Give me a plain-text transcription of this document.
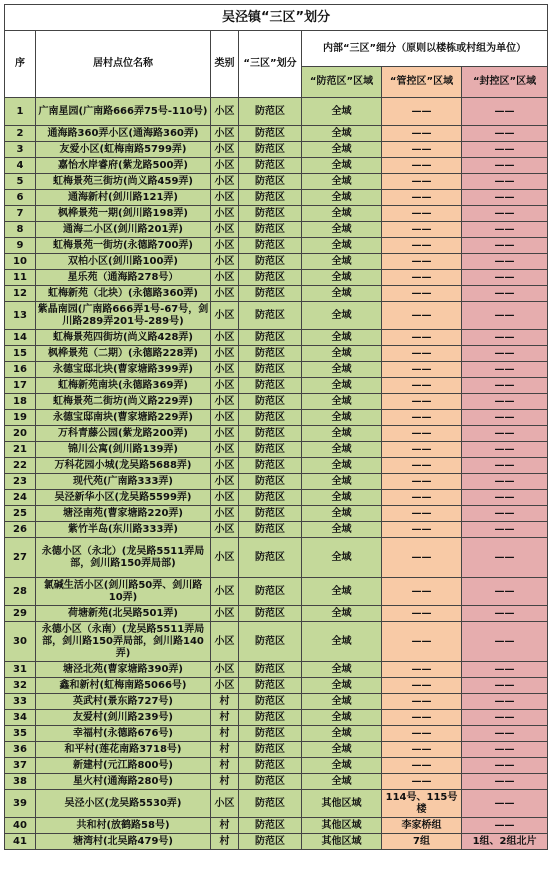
吴泾镇“三区”划分						
序	居村点位名称	类别	“三区”划分	内部“三区”细分（原则以楼栋或村组为单位）		
				“防范区”区域	“管控区”区域	“封控区”区域
1	广南星园(广南路666弄75号-110号)	小区	防范区	全域	——	——
2	通海路360弄小区(通海路360弄)	小区	防范区	全域	——	——
3	友爱小区(虹梅南路5799弄)	小区	防范区	全域	——	——
4	嘉怡水岸睿府(紫龙路500弄)	小区	防范区	全域	——	——
5	虹梅景苑三街坊(尚义路459弄)	小区	防范区	全域	——	——
6	通海新村(剑川路121弄)	小区	防范区	全域	——	——
7	枫桦景苑一期(剑川路198弄)	小区	防范区	全域	——	——
8	通海二小区(剑川路201弄)	小区	防范区	全域	——	——
9	虹梅景苑一街坊(永德路700弄)	小区	防范区	全域	——	——
10	双柏小区(剑川路100弄)	小区	防范区	全域	——	——
11	星乐苑（通海路278号）	小区	防范区	全域	——	——
12	虹梅新苑（北块）(永德路360弄)	小区	防范区	全域	——	——
13	紫晶南园(广南路666弄1号-67号，剑川路289弄201号-289号)	小区	防范区	全域	——	——
14	虹梅景苑四街坊(尚义路428弄)	小区	防范区	全域	——	——
15	枫桦景苑（二期）(永德路228弄)	小区	防范区	全域	——	——
16	永德宝邸北块(曹家塘路399弄)	小区	防范区	全域	——	——
17	虹梅新苑南块(永德路369弄)	小区	防范区	全域	——	——
18	虹梅景苑二街坊(尚义路229弄)	小区	防范区	全域	——	——
19	永德宝邸南块(曹家塘路229弄)	小区	防范区	全域	——	——
20	万科青藤公园(紫龙路200弄)	小区	防范区	全域	——	——
21	锦川公寓(剑川路139弄)	小区	防范区	全域	——	——
22	万科花园小城(龙吴路5688弄)	小区	防范区	全域	——	——
23	现代苑(广南路333弄)	小区	防范区	全域	——	——
24	吴泾新华小区(龙吴路5599弄)	小区	防范区	全域	——	——
25	塘泾南苑(曹家塘路220弄)	小区	防范区	全域	——	——
26	紫竹半岛(东川路333弄)	小区	防范区	全域	——	——
27	永德小区（永北）(龙吴路5511弄局部，剑川路150弄局部)	小区	防范区	全域	——	——
28	氯碱生活小区(剑川路50弄、剑川路10弄)	小区	防范区	全域	——	——
29	荷塘新苑(北吴路501弄)	小区	防范区	全域	——	——
30	永德小区（永南）(龙吴路5511弄局部，剑川路150弄局部，剑川路140弄)	小区	防范区	全域	——	——
31	塘泾北苑(曹家塘路390弄)	小区	防范区	全域	——	——
32	鑫和新村(虹梅南路5066号)	小区	防范区	全域	——	——
33	英武村(景东路727号)	村	防范区	全域	——	——
34	友爱村(剑川路239号)	村	防范区	全域	——	——
35	幸福村(永德路676号)	村	防范区	全域	——	——
36	和平村(莲花南路3718号)	村	防范区	全域	——	——
37	新建村(元江路800号)	村	防范区	全域	——	——
38	星火村(通海路280号)	村	防范区	全域	——	——
39	吴泾小区(龙吴路5530弄)	小区	防范区	其他区域	114号、115号楼	——
40	共和村(放鹤路58号)	村	防范区	其他区域	李家桥组	——
41	塘湾村(北吴路479号)	村	防范区	其他区域	7组	1组、2组北片
